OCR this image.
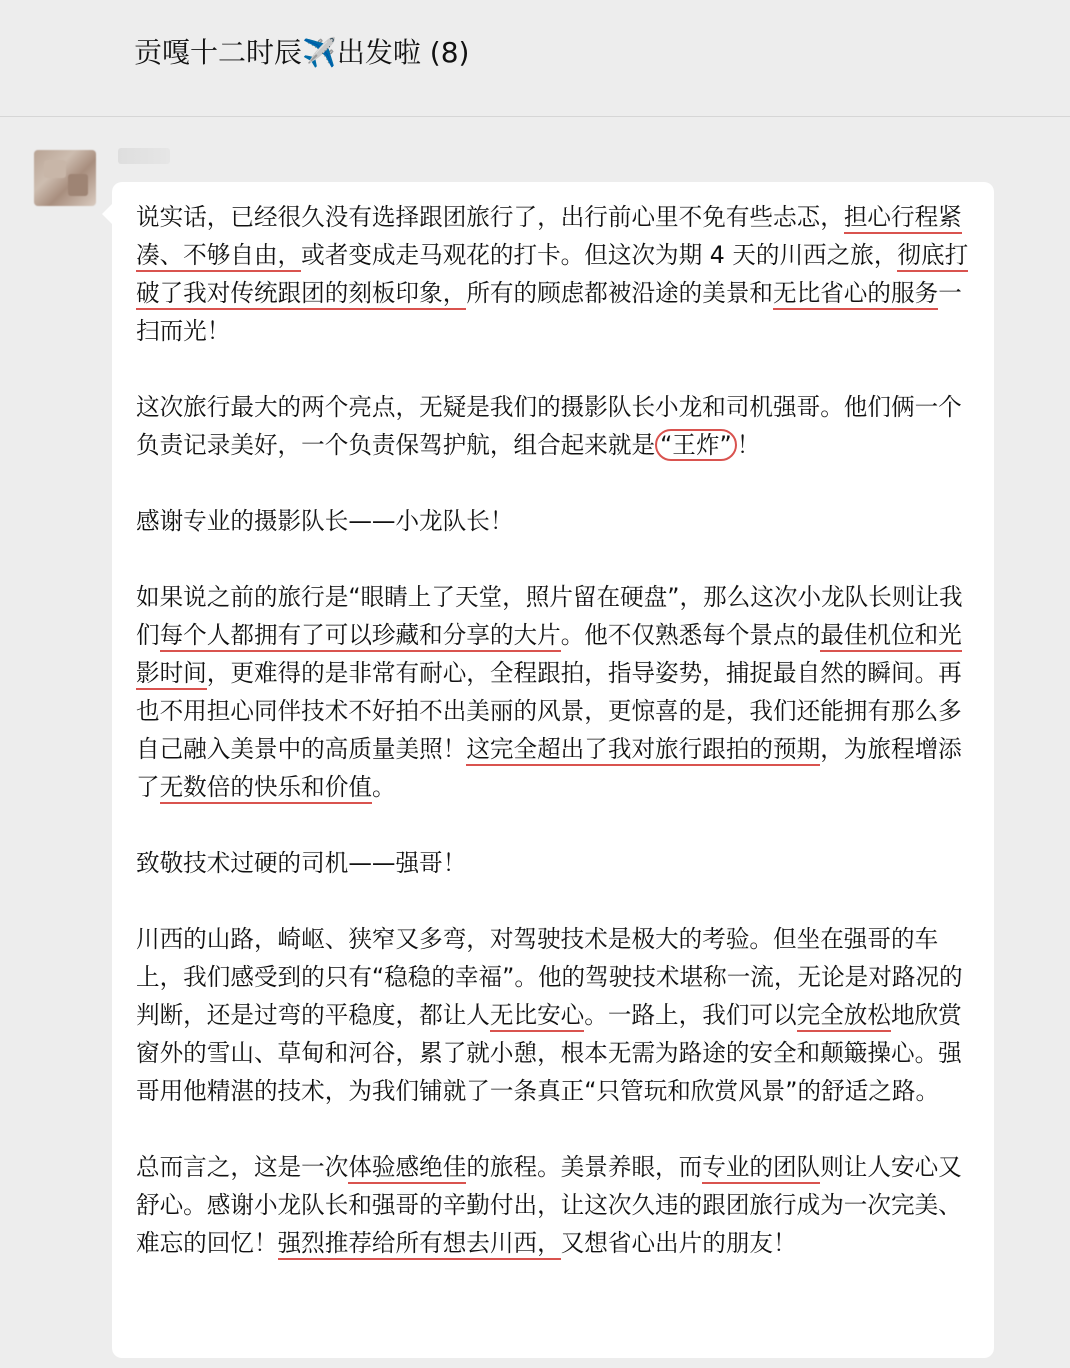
贡嘎十二时辰✈️出发啦 (8)

说实话，已经很久没有选择跟团旅行了，出行前心里不免有些忐忑，担心行程紧凑、不够自由，或者变成走马观花的打卡。但这次为期 4 天的川西之旅，彻底打破了我对传统跟团的刻板印象，所有的顾虑都被沿途的美景和无比省心的服务一扫而光！

这次旅行最大的两个亮点，无疑是我们的摄影队长小龙和司机强哥。他们俩一个负责记录美好，一个负责保驾护航，组合起来就是 “王炸” ！

感谢专业的摄影队长——小龙队长！

如果说之前的旅行是“眼睛上了天堂，照片留在硬盘”，那么这次小龙队长则让我们每个人都拥有了可以珍藏和分享的大片。他不仅熟悉每个景点的最佳机位和光影时间，更难得的是非常有耐心，全程跟拍，指导姿势，捕捉最自然的瞬间。再也不用担心同伴技术不好拍不出美丽的风景，更惊喜的是，我们还能拥有那么多自己融入美景中的高质量美照！这完全超出了我对旅行跟拍的预期，为旅程增添了无数倍的快乐和价值。

致敬技术过硬的司机——强哥！

川西的山路，崎岖、狭窄又多弯，对驾驶技术是极大的考验。但坐在强哥的车上，我们感受到的只有“稳稳的幸福”。他的驾驶技术堪称一流，无论是对路况的判断，还是过弯的平稳度，都让人无比安心。一路上，我们可以完全放松地欣赏窗外的雪山、草甸和河谷，累了就小憩，根本无需为路途的安全和颠簸操心。强哥用他精湛的技术，为我们铺就了一条真正“只管玩和欣赏风景”的舒适之路。

总而言之，这是一次体验感绝佳的旅程。美景养眼，而专业的团队则让人安心又舒心。感谢小龙队长和强哥的辛勤付出，让这次久违的跟团旅行成为一次完美、难忘的回忆！强烈推荐给所有想去川西，又想省心出片的朋友！
